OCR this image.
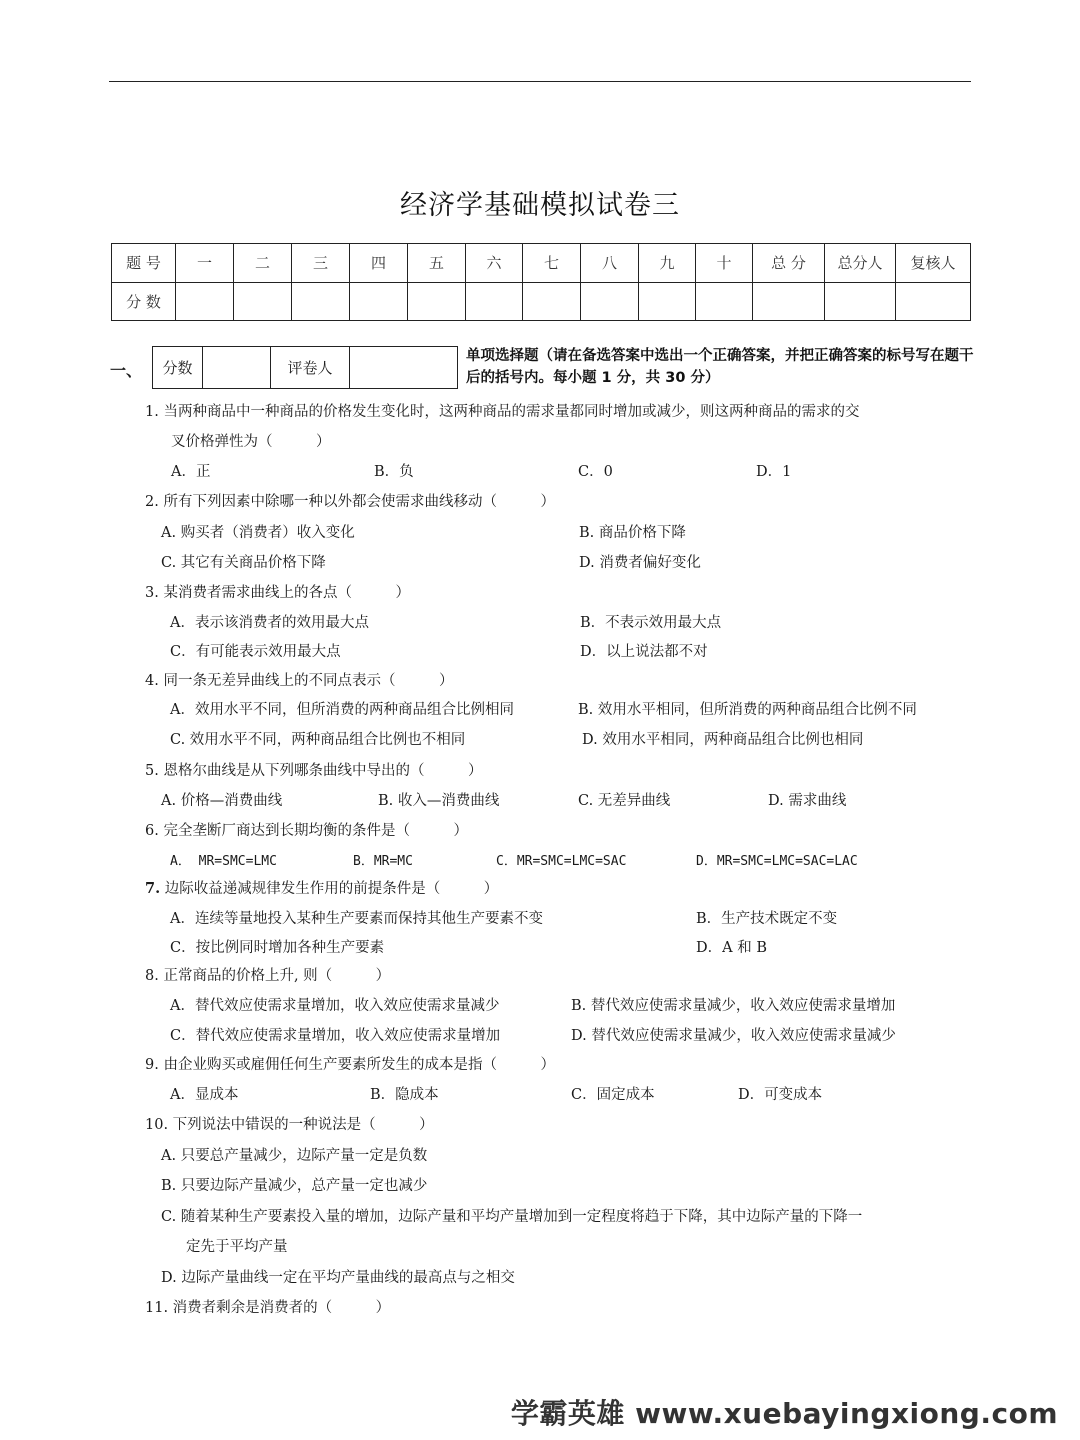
经济学基础模拟试卷三
题 号	一	二	三	四	五	六	七	八	九	十	总 分	总分人	复核人
分 数													
一、 分数		评卷人	
单项选择题（请在备选答案中选出一个正确答案，并把正确答案的标号写在题干后的括号内。每小题 1 分，共 30 分）
1. 当两种商品中一种商品的价格发生变化时，这两种商品的需求量都同时增加或减少，则这两种商品的需求的交
叉价格弹性为（　　　）
A．正	B．负	C．0	D．1
2. 所有下列因素中除哪一种以外都会使需求曲线移动（　　　）
A. 购买者（消费者）收入变化	B. 商品价格下降
C. 其它有关商品价格下降	D. 消费者偏好变化
3. 某消费者需求曲线上的各点（　　　）
A．表示该消费者的效用最大点	B．不表示效用最大点
C．有可能表示效用最大点	D．以上说法都不对
4. 同一条无差异曲线上的不同点表示（　　　）
A．效用水平不同，但所消费的两种商品组合比例相同	B. 效用水平相同，但所消费的两种商品组合比例不同
C. 效用水平不同，两种商品组合比例也不相同	D. 效用水平相同，两种商品组合比例也相同
5. 恩格尔曲线是从下列哪条曲线中导出的（　　　）
A. 价格—消费曲线	B. 收入—消费曲线	C. 无差异曲线	D. 需求曲线
6. 完全垄断厂商达到长期均衡的条件是（　　　）
A． MR=SMC=LMC	B．MR=MC	C．MR=SMC=LMC=SAC	D．MR=SMC=LMC=SAC=LAC
7. 边际收益递减规律发生作用的前提条件是（　　　）
A．连续等量地投入某种生产要素而保持其他生产要素不变	B．生产技术既定不变
C．按比例同时增加各种生产要素	D．A 和 B
8. 正常商品的价格上升, 则（　　　）
A．替代效应使需求量增加，收入效应使需求量减少	B. 替代效应使需求量减少，收入效应使需求量增加
C．替代效应使需求量增加，收入效应使需求量增加	D. 替代效应使需求量减少，收入效应使需求量减少
9. 由企业购买或雇佣任何生产要素所发生的成本是指（　　　）
A．显成本	B．隐成本	C．固定成本	D．可变成本
10. 下列说法中错误的一种说法是（　　　）
A. 只要总产量减少，边际产量一定是负数
B. 只要边际产量减少，总产量一定也减少
C. 随着某种生产要素投入量的增加，边际产量和平均产量增加到一定程度将趋于下降，其中边际产量的下降一
定先于平均产量
D. 边际产量曲线一定在平均产量曲线的最高点与之相交
11. 消费者剩余是消费者的（　　　）
学霸英雄 www.xuebayingxiong.com
